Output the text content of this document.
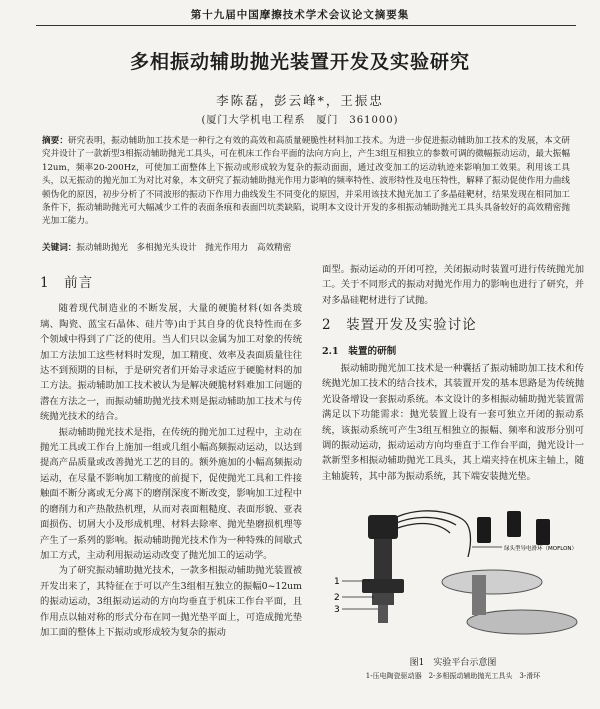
第十九届中国摩擦技术学术会议论文摘要集
多相振动辅助抛光装置开发及实验研究
李陈磊，彭云峰*，王振忠
(厦门大学机电工程系　厦门　361000)

摘要：研究表明，振动辅助加工技术是一种行之有效的高效和高质量硬脆性材料加工技术。为进一步促进振动辅助加工技术的发展，本文研究并设计了一款新型3相振动辅助抛光工具头，可在机床工作台平面的法向方向上，产生3组互相独立的参数可调的微幅振动运动，最大振幅12um，频率20-200Hz，可使加工面整体上下振动或形成较为复杂的振动面面，通过改变加工的运动轨迹来影响加工效果。利用该工具头，以无振动的抛光加工为对比对象，本文研究了振动辅助抛光作用力影响的频率特性、波形特性及电压特性，解释了振动促使作用力曲线顿伪化的原因，初步分析了不同波形的振动下作用力曲线发生不同变化的原因，并采用该技术抛光加工了多晶硅靶材，结果发现在相同加工条件下，振动辅助抛光可大幅减少工件的表面条痕和表面凹坑类缺陷，说明本文设计开发的多相振动辅助抛光工具头具备较好的高效精密抛光加工能力。

关键词：振动辅助抛光　多相抛光头设计　抛光作用力　高效精密

1　前言

随着现代制造业的不断发展，大量的硬脆材料(如各类玻璃、陶瓷、蓝宝石晶体、硅片等)由于其自身的优良特性而在多个领域中得到了广泛的使用。当人们只以金属为加工对象的传统加工方法加工这些材料时发现，加工精度、效率及表面质量往往达不到预期的目标，于是研究者们开始寻求适应于硬脆材料的加工方法。振动辅助加工技术被认为是解决硬脆材料难加工问题的潜在方法之一，而振动辅助抛光技术则是振动辅助加工技术与传统抛光技术的结合。

振动辅助抛光技术是指，在传统的抛光加工过程中，主动在抛光工具或工作台上施加一组或几组小幅高频振动运动，以达到提高产品质量或改善抛光工艺的目的。额外施加的小幅高频振动运动，在尽量不影响加工精度的前提下，促使抛光工具和工件接触面不断分离或无分离下的磨削深度不断改变，影响加工过程中的磨削力和产热散热机理，从而对表面粗糙度、表面形貌、亚表面损伤、切屑大小及形成机理、材料去除率、抛光垫磨损机理等产生了一系列的影响。振动辅助抛光技术作为一种特殊的间歇式加工方式，主动利用振动运动改变了抛光加工的运动学。

为了研究振动辅助抛光技术，一款多相振动辅助抛光装置被开发出来了，其特征在于可以产生3组相互独立的振幅0~12um的振动运动，3组振动运动的方向均垂直于机床工作台平面，且作用点以轴对称的形式分布在同一抛光垫平面上，可造成抛光垫加工面的整体上下振动或形成较为复杂的振动

面型。振动运动的开闭可控，关闭振动时装置可进行传统抛光加工。关于不同形式的振动对抛光作用力的影响也进行了研究，并对多晶硅靶材进行了试抛。

2　装置开发及实验讨论
2.1　装置的研制

振动辅助抛光加工技术是一种囊括了振动辅助加工技术和传统抛光加工技术的结合技术，其装置开发的基本思路是为传统抛光设备增设一套振动系统。本文设计的多相振动辅助抛光装置需满足以下功能需求：抛光装置上设有一套可独立开闭的振动系统，该振动系统可产生3组互相独立的振幅、频率和波形分别可调的振动运动，振动运动方向均垂直于工作台平面，抛光设计一款新型多相振动辅助抛光工具头，其上端夹持在机床主轴上，随主轴旋转，其中部为振动系统，其下端安装抛光垫。

1
2
3
绿头型导电滑环（MOFLON）
图1　实验平台示意图
1-压电陶瓷驱动器　2-多相振动辅助抛光工具头　3-滑环
